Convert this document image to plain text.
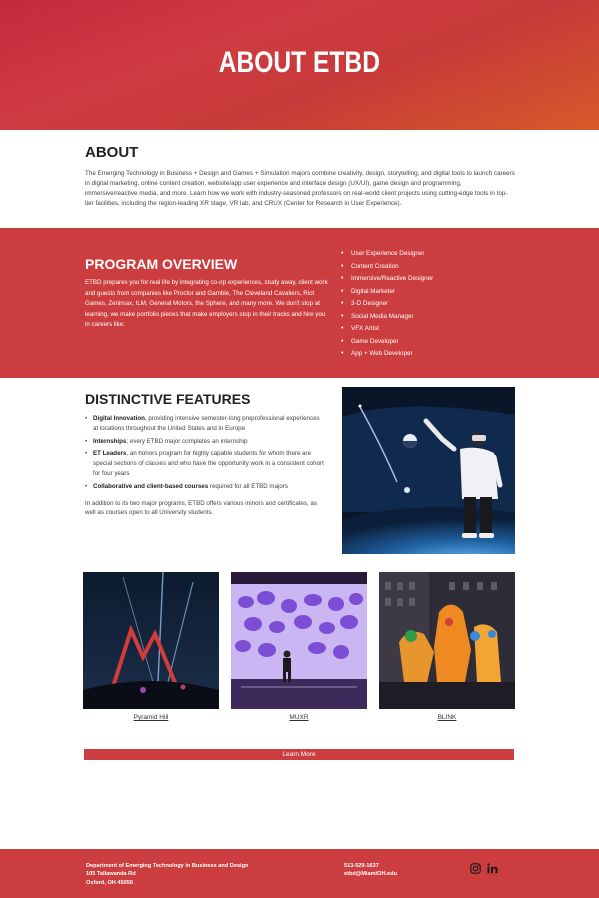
ABOUT ETBD
ABOUT

The Emerging Technology in Business + Design and Games + Simulation majors combine creativity, design, storytelling, and digital tools to launch careers in digital marketing, online content creation, website/app user experience and interface design (UX/UI), game design and programming, immersive/reactive media, and more. Learn how we work with industry-seasoned professors on real-world client projects using cutting-edge tools in top-tier facilities, including the region-leading XR stage, VR lab, and CRUX (Center for Research in User Experience).

PROGRAM OVERVIEW

ETBD prepares you for real life by integrating co-op experiences, study away, client work and guests from companies like Proctor and Gamble, The Cleveland Cavaliers, Riot Games, Zenimax, ILM, General Motors, the Sphere, and many more. We don't stop at learning, we make portfolio pieces that make employers stop in their tracks and hire you in careers like:

• User Experience Designer
• Content Creation
• Immersive/Reactive Designer
• Digital Marketer
• 3-D Designer
• Social Media Manager
• VFX Artist
• Game Developer
• App + Web Developer
DISTINCTIVE FEATURES
• Digital Innovation, providing intensive semester-long preprofessional experiences at locations throughout the United States and in Europe
• Internships; every ETBD major completes an internship
• ET Leaders, an honors program for highly capable students for whom there are special sections of classes and who have the opportunity work in a consistent cohort for four years
• Collaborative and client-based courses required for all ETBD majors

In addition to its two major programs, ETBD offers various minors and certificates, as well as courses open to all University students.

Pyramid Hill	MUXR	BLINK
Learn More
Department of Emerging Technology in Business and Design
105 Tallawanda Rd
Oxford, OH 45056
513-529-1637
etbd@MiamiOH.edu
